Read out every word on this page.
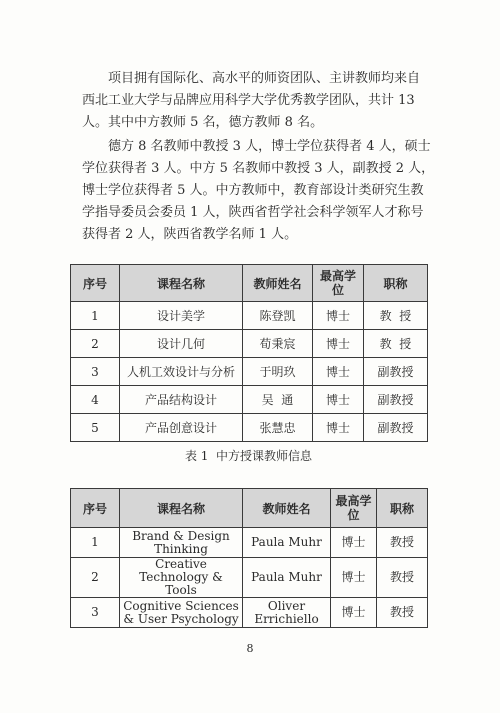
　　项目拥有国际化、高水平的师资团队、主讲教师均来自
西北工业大学与品牌应用科学大学优秀教学团队，共计 13
人。其中中方教师 5 名，德方教师 8 名。

　　德方 8 名教师中教授 3 人，博士学位获得者 4 人，硕士
学位获得者 3 人。中方 5 名教师中教授 3 人，副教授 2 人，
博士学位获得者 5 人。中方教师中，教育部设计类研究生教
学指导委员会委员 1 人，陕西省哲学社会科学领军人才称号
获得者 2 人，陕西省教学名师 1 人。

序号	课程名称	教师姓名	最高学位	职称
1	设计美学	陈登凯	博士	教  授
2	设计几何	荀秉宸	博士	教  授
3	人机工效设计与分析	于明玖	博士	副教授
4	产品结构设计	吴  通	博士	副教授
5	产品创意设计	张慧忠	博士	副教授
表 1  中方授课教师信息
序号	课程名称	教师姓名	最高学位	职称
1	Brand & Design Thinking	Paula Muhr	博士	教授
2	Creative Technology & Tools	Paula Muhr	博士	教授
3	Cognitive Sciences & User Psychology	Oliver Errichiello	博士	教授
8
